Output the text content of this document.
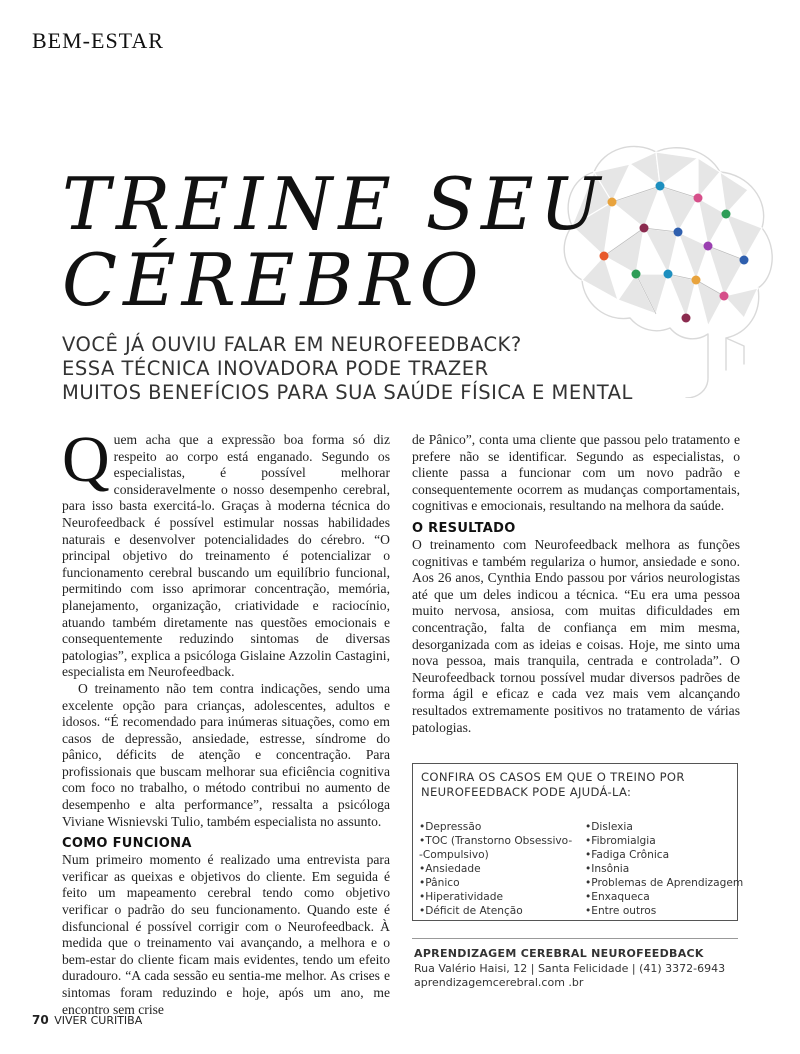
BEM-ESTAR
TREINE SEU
CÉREBRO
VOCÊ JÁ OUVIU FALAR EM NEUROFEEDBACK?
ESSA TÉCNICA INOVADORA PODE TRAZER
MUITOS BENEFÍCIOS PARA SUA SAÚDE FÍSICA E MENTAL

Quem acha que a expressão boa forma só diz respeito ao corpo está enganado. Segundo os especialistas, é possível melhorar consideravelmente o nosso desempenho cerebral, para isso basta exercitá-lo. Graças à moderna técnica do Neurofeedback é possível estimular nossas habilidades naturais e desenvolver potencialidades do cérebro. “O principal objetivo do treinamento é potencializar o funcionamento cerebral buscando um equilíbrio funcional, permitindo com isso aprimorar concentração, memória, planejamento, organização, criatividade e raciocínio, atuando também diretamente nas questões emocionais e consequentemente reduzindo sintomas de diversas patologias”, explica a psicóloga Gislaine Azzolin Castagini, especialista em Neurofeedback.

O treinamento não tem contra indicações, sendo uma excelente opção para crianças, adolescentes, adultos e idosos. “É recomendado para inúmeras situações, como em casos de depressão, ansiedade, estresse, síndrome do pânico, déficits de atenção e concentração. Para profissionais que buscam melhorar sua eficiência cognitiva com foco no trabalho, o método contribui no aumento de desempenho e alta performance”, ressalta a psicóloga Viviane Wisnievski Tulio, também especialista no assunto.

COMO FUNCIONA

Num primeiro momento é realizado uma entrevista para verificar as queixas e objetivos do cliente. Em seguida é feito um mapeamento cerebral tendo como objetivo verificar o padrão do seu funcionamento. Quando este é disfuncional é possível corrigir com o Neurofeedback. À medida que o treinamento vai avançando, a melhora e o bem-estar do cliente ficam mais evidentes, tendo um efeito duradouro. “A cada sessão eu sentia-me melhor. As crises e sintomas foram reduzindo e hoje, após um ano, me encontro sem crise

de Pânico”, conta uma cliente que passou pelo tratamento e prefere não se identificar. Segundo as especialistas, o cliente passa a funcionar com um novo padrão e consequentemente ocorrem as mudanças comportamentais, cognitivas e emocionais, resultando na melhora da saúde.

O RESULTADO

O treinamento com Neurofeedback melhora as funções cognitivas e também regulariza o humor, ansiedade e sono. Aos 26 anos, Cynthia Endo passou por vários neurologistas até que um deles indicou a técnica. “Eu era uma pessoa muito nervosa, ansiosa, com muitas dificuldades em concentração, falta de confiança em mim mesma, desorganizada com as ideias e coisas. Hoje, me sinto uma nova pessoa, mais tranquila, centrada e controlada”. O Neurofeedback tornou possível mudar diversos padrões de forma ágil e eficaz e cada vez mais vem alcançando resultados extremamente positivos no tratamento de várias patologias.

CONFIRA OS CASOS EM QUE O TREINO POR NEUROFEEDBACK PODE AJUDÁ-LA:
• Depressão
• TOC (Transtorno Obsessivo-
-Compulsivo)
• Ansiedade
• Pânico
• Hiperatividade
• Déficit de Atenção
• Dislexia
• Fibromialgia
• Fadiga Crônica
• Insônia
• Problemas de Aprendizagem
• Enxaqueca
• Entre outros
APRENDIZAGEM CEREBRAL NEUROFEEDBACK
Rua Valério Haisi, 12 | Santa Felicidade | (41) 3372-6943
aprendizagemcerebral.com .br
70 VIVER CURITIBA
